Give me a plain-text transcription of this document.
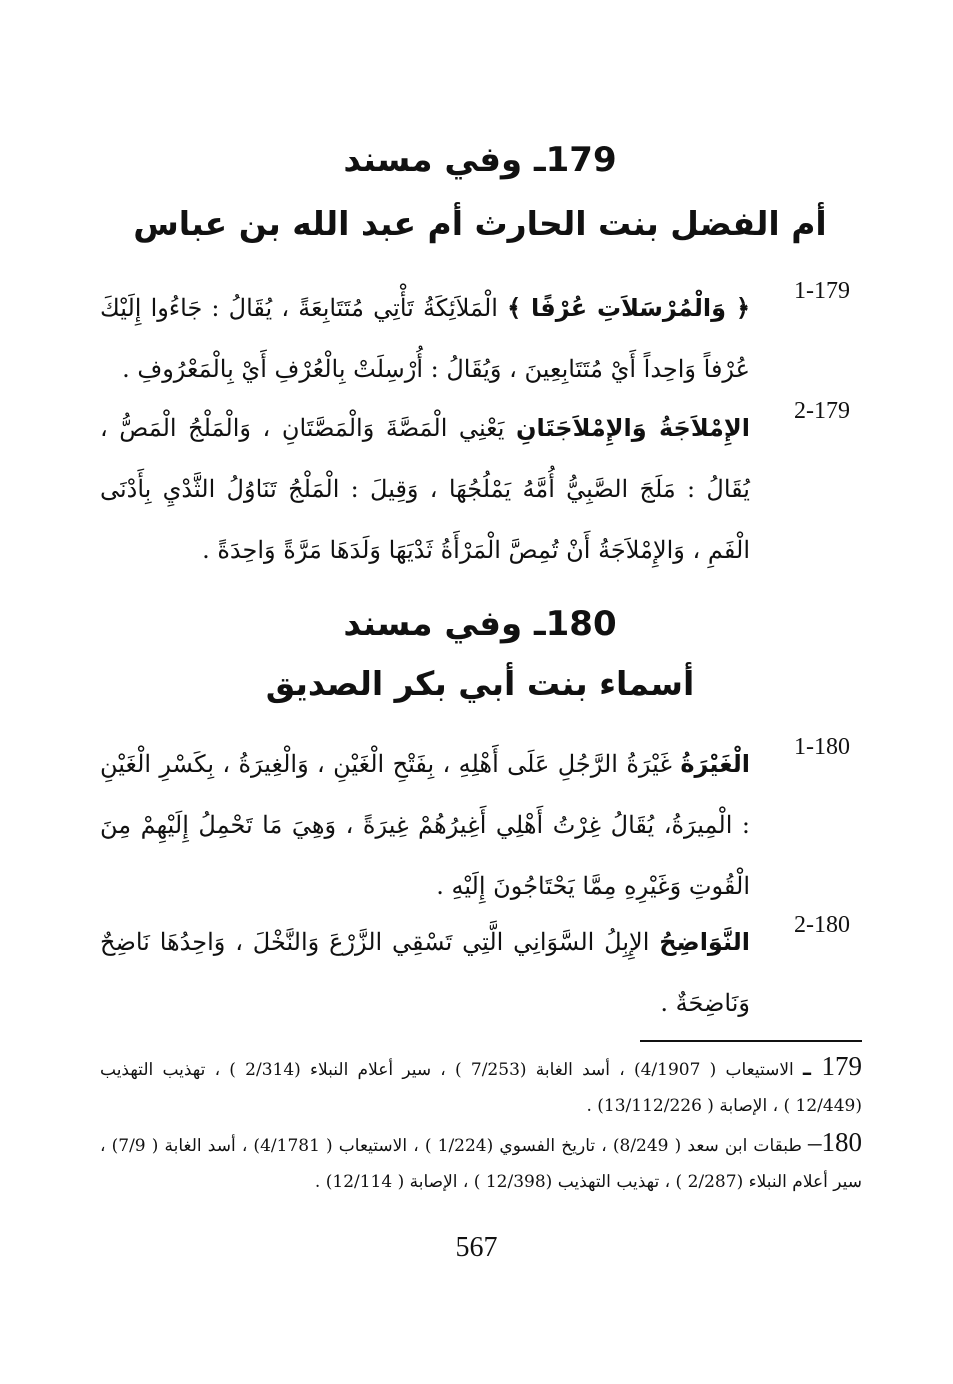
179ـ وفي مسند
أم الفضل بنت الحارث أم عبد الله بن عباس
1-179
﴿ وَالْمُرْسَلاَتِ عُرْفًا ﴾ الْمَلاَئِكَةُ تَأْتِي مُتَتَابِعَةً ، يُقَالُ : جَاءُوا إِلَيْكَ عُرْفاً وَاحِداً أَيْ مُتَتَابِعِينَ ، وَيُقَالُ : أُرْسِلَتْ بِالْعُرْفِ أَيْ بِالْمَعْرُوفِ .
2-179
الإِمْلاَجَةُ وَالإِمْلاَجَتَانِ يَعْنِي الْمَصَّةَ وَالْمَصَّتَانِ ، وَالْمَلْجُ الْمَصُّ ، يُقَالُ : مَلَجَ الصَّبِيُّ أُمَّهُ يَمْلُجُهَا ، وَقِيلَ : الْمَلْجُ تَنَاوُلُ الثَّدْيِ بِأَدْنَى الْفَمِ ، وَالإِمْلاَجَةُ أَنْ تُمِصَّ الْمَرْأَةُ ثَدْيَهَا وَلَدَهَا مَرَّةً وَاحِدَةً .
180ـ وفي مسند
أسماء بنت أبي بكر الصديق
1-180
الْغَيْرَةُ غَيْرَةُ الرَّجُلِ عَلَى أَهْلِهِ ، بِفَتْحِ الْغَيْنِ ، وَالْغِيرَةُ ، بِكَسْرِ الْغَيْنِ : الْمِيرَةُ، يُقَالُ غِرْتُ أَهْلِي أَغِيرُهُمْ غِيرَةً ، وَهِيَ مَا تَحْمِلُ إِلَيْهِمْ مِنَ الْقُوتِ وَغَيْرِهِ مِمَّا يَحْتَاجُونَ إِلَيْهِ .
2-180
النَّوَاضِحُ الإِبِلُ السَّوَانِي الَّتِي تَسْقِي الزَّرْعَ وَالنَّخْلَ ، وَاحِدُهَا نَاضِحٌ وَنَاضِحَةٌ .
179 ـ الاستيعاب ( 4/1907) ، أسد الغابة (7/253 ) ، سير أعلام النبلاء (2/314 ) ، تهذيب التهذيب (12/449 ) ، الإصابة ( 13/112/226) .
180– طبقات ابن سعد ( 8/249) ، تاريخ الفسوي (1/224 ) ، الاستيعاب ( 4/1781) ، أسد الغابة ( 7/9) ، سير أعلام النبلاء (2/287 ) ، تهذيب التهذيب (12/398 ) ، الإصابة ( 12/114) .
567
